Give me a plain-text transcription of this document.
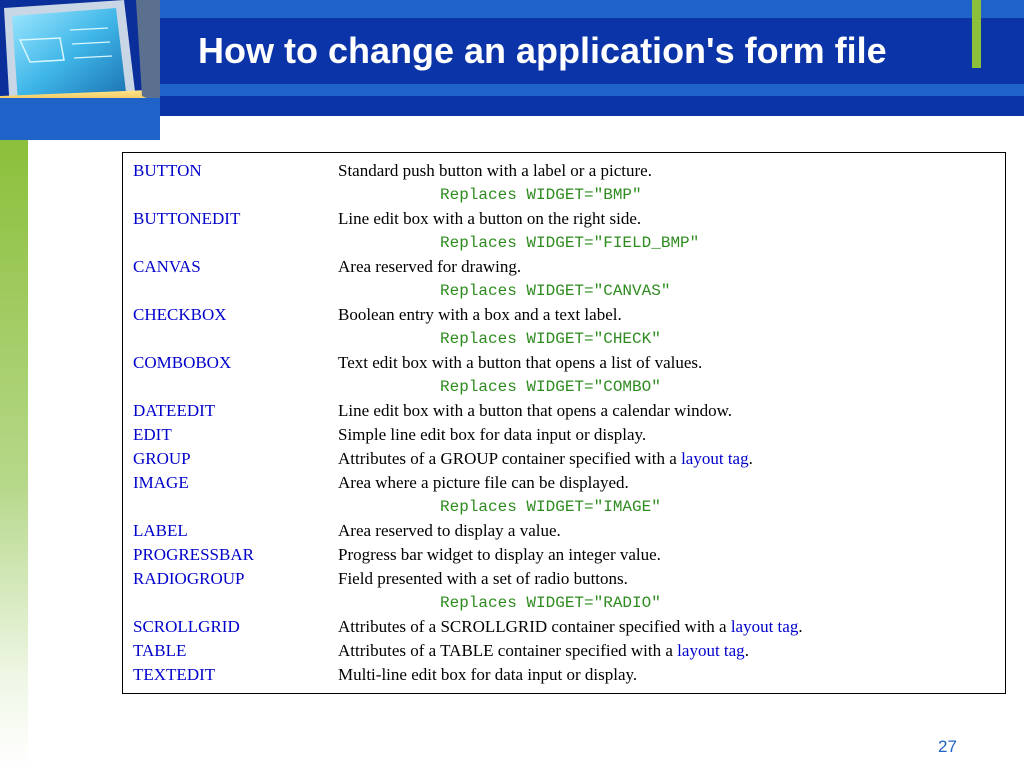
How to change an application's form file
BUTTON	Standard push button with a label or a picture.
Replaces WIDGET="BMP"
BUTTONEDIT	Line edit box with a button on the right side.
Replaces WIDGET="FIELD_BMP"
CANVAS	Area reserved for drawing.
Replaces WIDGET="CANVAS"
CHECKBOX	Boolean entry with a box and a text label.
Replaces WIDGET="CHECK"
COMBOBOX	Text edit box with a button that opens a list of values.
Replaces WIDGET="COMBO"
DATEEDIT	Line edit box with a button that opens a calendar window.
EDIT	Simple line edit box for data input or display.
GROUP	Attributes of a GROUP container specified with a layout tag.
IMAGE	Area where a picture file can be displayed.
Replaces WIDGET="IMAGE"
LABEL	Area reserved to display a value.
PROGRESSBAR	Progress bar widget to display an integer value.
RADIOGROUP	Field presented with a set of radio buttons.
Replaces WIDGET="RADIO"
SCROLLGRID	Attributes of a SCROLLGRID container specified with a layout tag.
TABLE	Attributes of a TABLE container specified with a layout tag.
TEXTEDIT	Multi-line edit box for data input or display.
27
